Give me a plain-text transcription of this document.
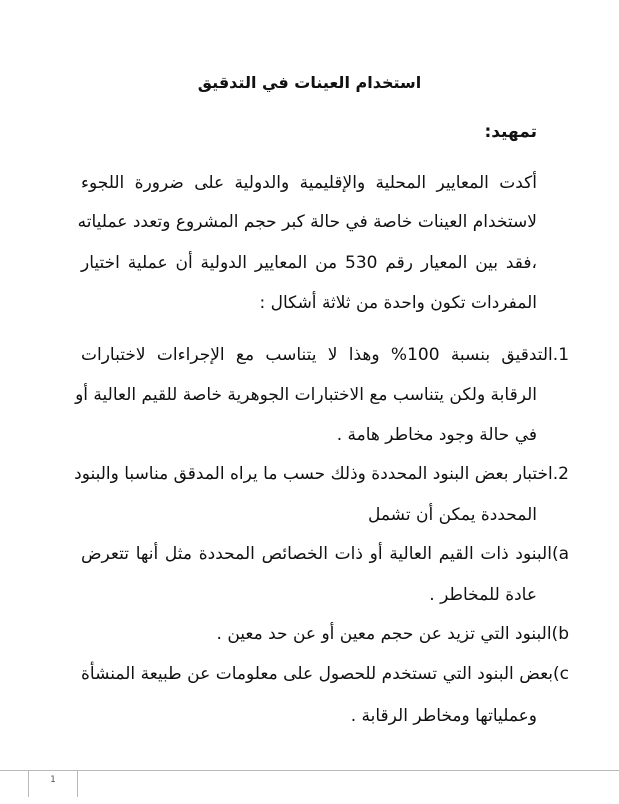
استخدام العينات في التدقيق
تمهيد:
أكدت المعايير المحلية والإقليمية والدولية على ضرورة اللجوء
لاستخدام العينات خاصة في حالة كبر حجم المشروع وتعدد عملياته
،فقد بين المعيار رقم 530 من المعايير الدولية أن عملية اختيار
المفردات تكون واحدة من ثلاثة أشكال :
1.التدقيق بنسبة 100% وهذا لا يتناسب مع الإجراءات لاختبارات
الرقابة ولكن يتناسب مع الاختبارات الجوهرية خاصة للقيم العالية أو
في حالة وجود مخاطر هامة .
2.اختبار بعض البنود المحددة وذلك حسب ما يراه المدقق مناسبا والبنود
المحددة يمكن أن تشمل
a)البنود ذات القيم العالية أو ذات الخصائص المحددة مثل أنها تتعرض
عادة للمخاطر .
b)البنود التي تزيد عن حجم معين أو عن حد معين .
c)بعض البنود التي تستخدم للحصول على معلومات عن طبيعة المنشأة
وعملياتها ومخاطر الرقابة .
1
